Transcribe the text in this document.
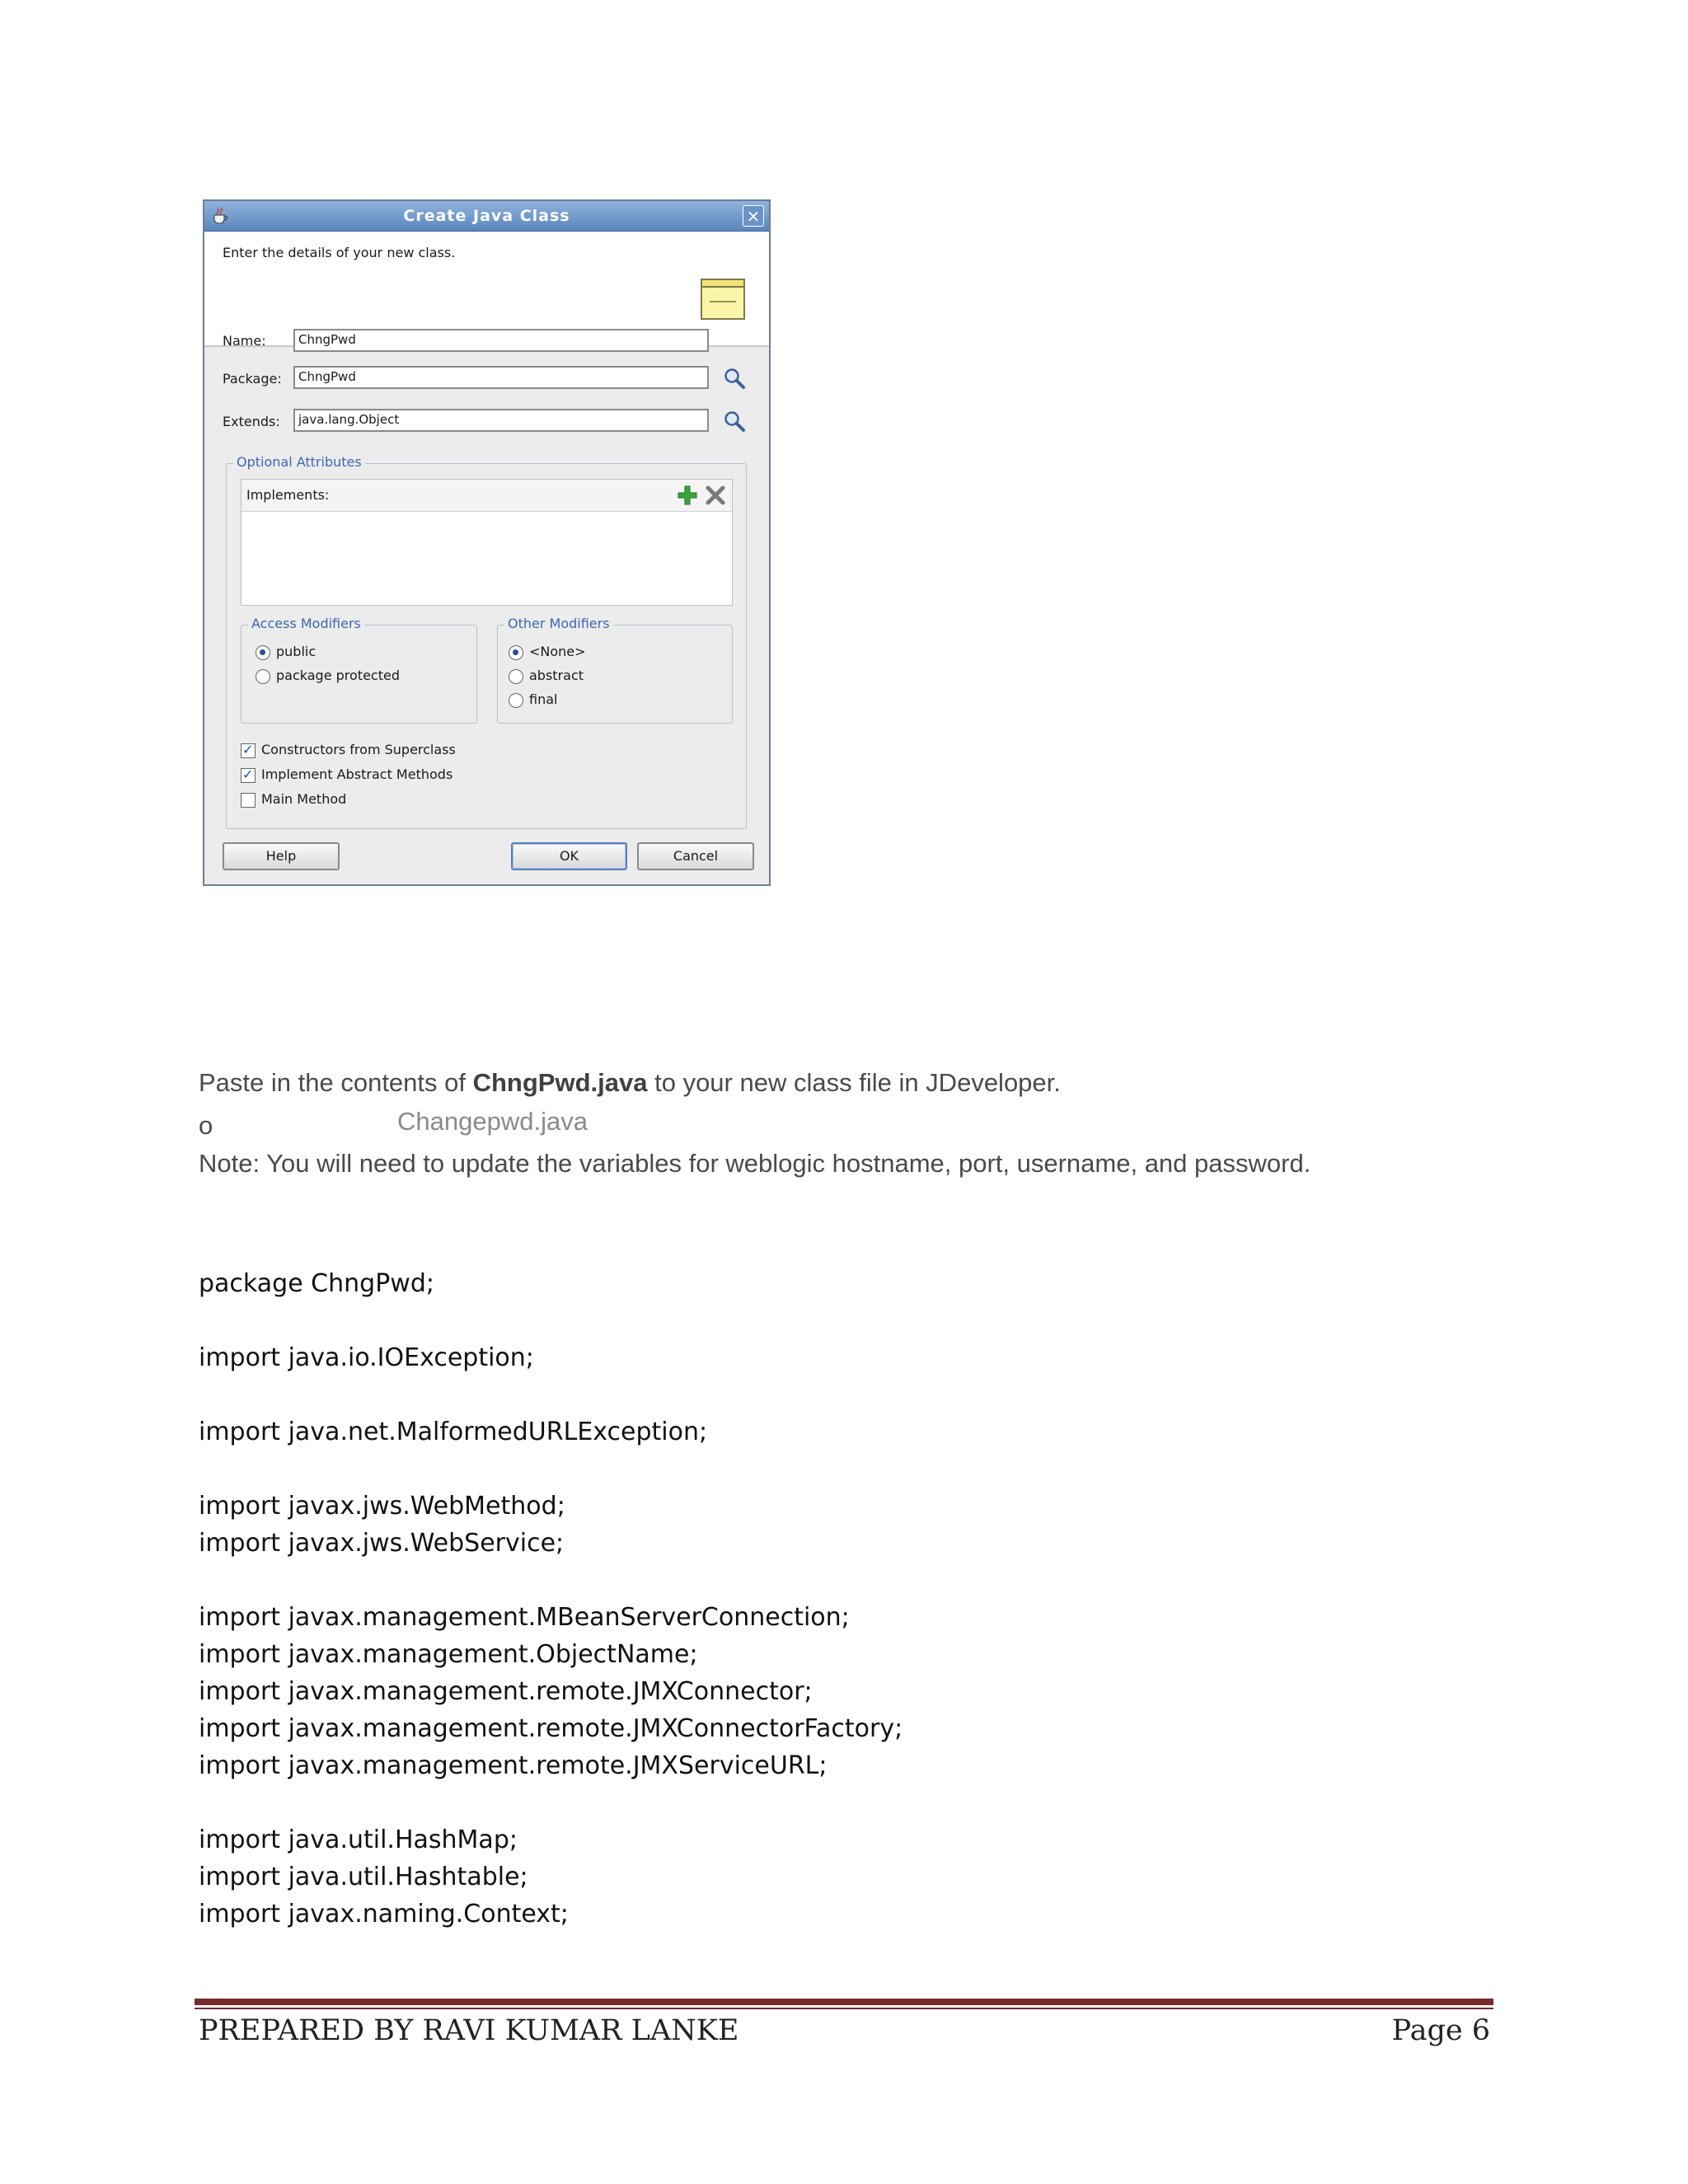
Create Java Class	×
Enter the details of your new class.
Name:	ChngPwd
Package:	ChngPwd
Extends:	java.lang.Object
Optional Attributes
Implements:
Access Modifiers
public
package protected
Other Modifiers
<None>
abstract
final
✓Constructors from Superclass
✓Implement Abstract Methods
Main Method
Help	OK	Cancel
Paste in the contents of ChngPwd.java to your new class file in JDeveloper.
o	Changepwd.java
Note: You will need to update the variables for weblogic hostname, port, username, and password.
package ChngPwd;
import java.io.IOException;
import java.net.MalformedURLException;
import javax.jws.WebMethod;
import javax.jws.WebService;
import javax.management.MBeanServerConnection;
import javax.management.ObjectName;
import javax.management.remote.JMXConnector;
import javax.management.remote.JMXConnectorFactory;
import javax.management.remote.JMXServiceURL;
import java.util.HashMap;
import java.util.Hashtable;
import javax.naming.Context;
PREPARED BY RAVI KUMAR LANKE	Page 6
